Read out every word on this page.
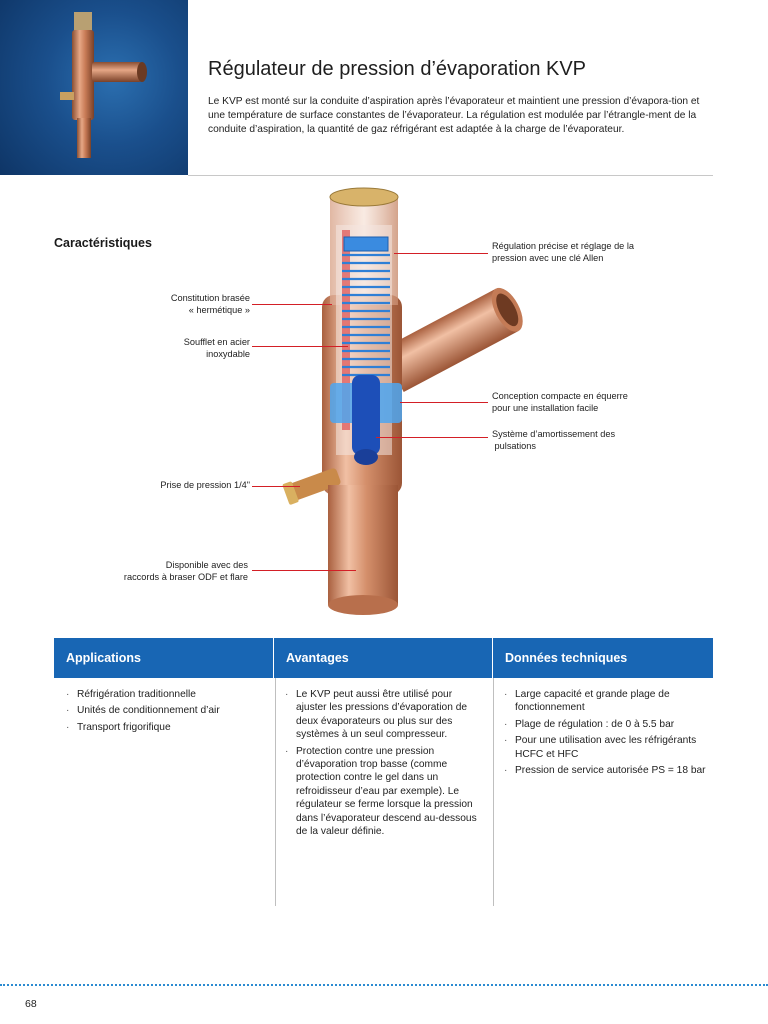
Régulateur de pression d’évaporation KVP

Le KVP est monté sur la conduite d’aspiration après l’évaporateur et maintient une pression d’évapora-tion et une température de surface constantes de l’évaporateur. La régulation est modulée par l’étrangle-ment de la conduite d’aspiration, la quantité de gaz réfrigérant est adaptée à la charge de l’évaporateur.

Caractéristiques
Constitution brasée
« hermétique »
Soufflet en acier
inoxydable
Prise de pression 1/4"
Disponible avec des
raccords à braser ODF et flare
Régulation précise et réglage de la
pression avec une clé Allen
Conception compacte en équerre
pour une installation facile
Système d’amortissement des
pulsations
Applications	Avantages	Données techniques
· Réfrigération traditionnelle
· Unités de conditionnement d’air
· Transport frigorifique
· Le KVP peut aussi être utilisé pour ajuster les pressions d’évaporation de deux évaporateurs ou plus sur des systèmes à un seul compresseur.
· Protection contre une pression d’évaporation trop basse (comme protection contre le gel dans un refroidisseur d’eau par exemple). Le régulateur se ferme lorsque la pression dans l’évaporateur descend au-dessous de la valeur définie.
· Large capacité et grande plage de fonctionnement
· Plage de régulation : de 0 à 5.5 bar
· Pour une utilisation avec les réfrigérants HCFC et HFC
· Pression de service autorisée PS = 18 bar
68
